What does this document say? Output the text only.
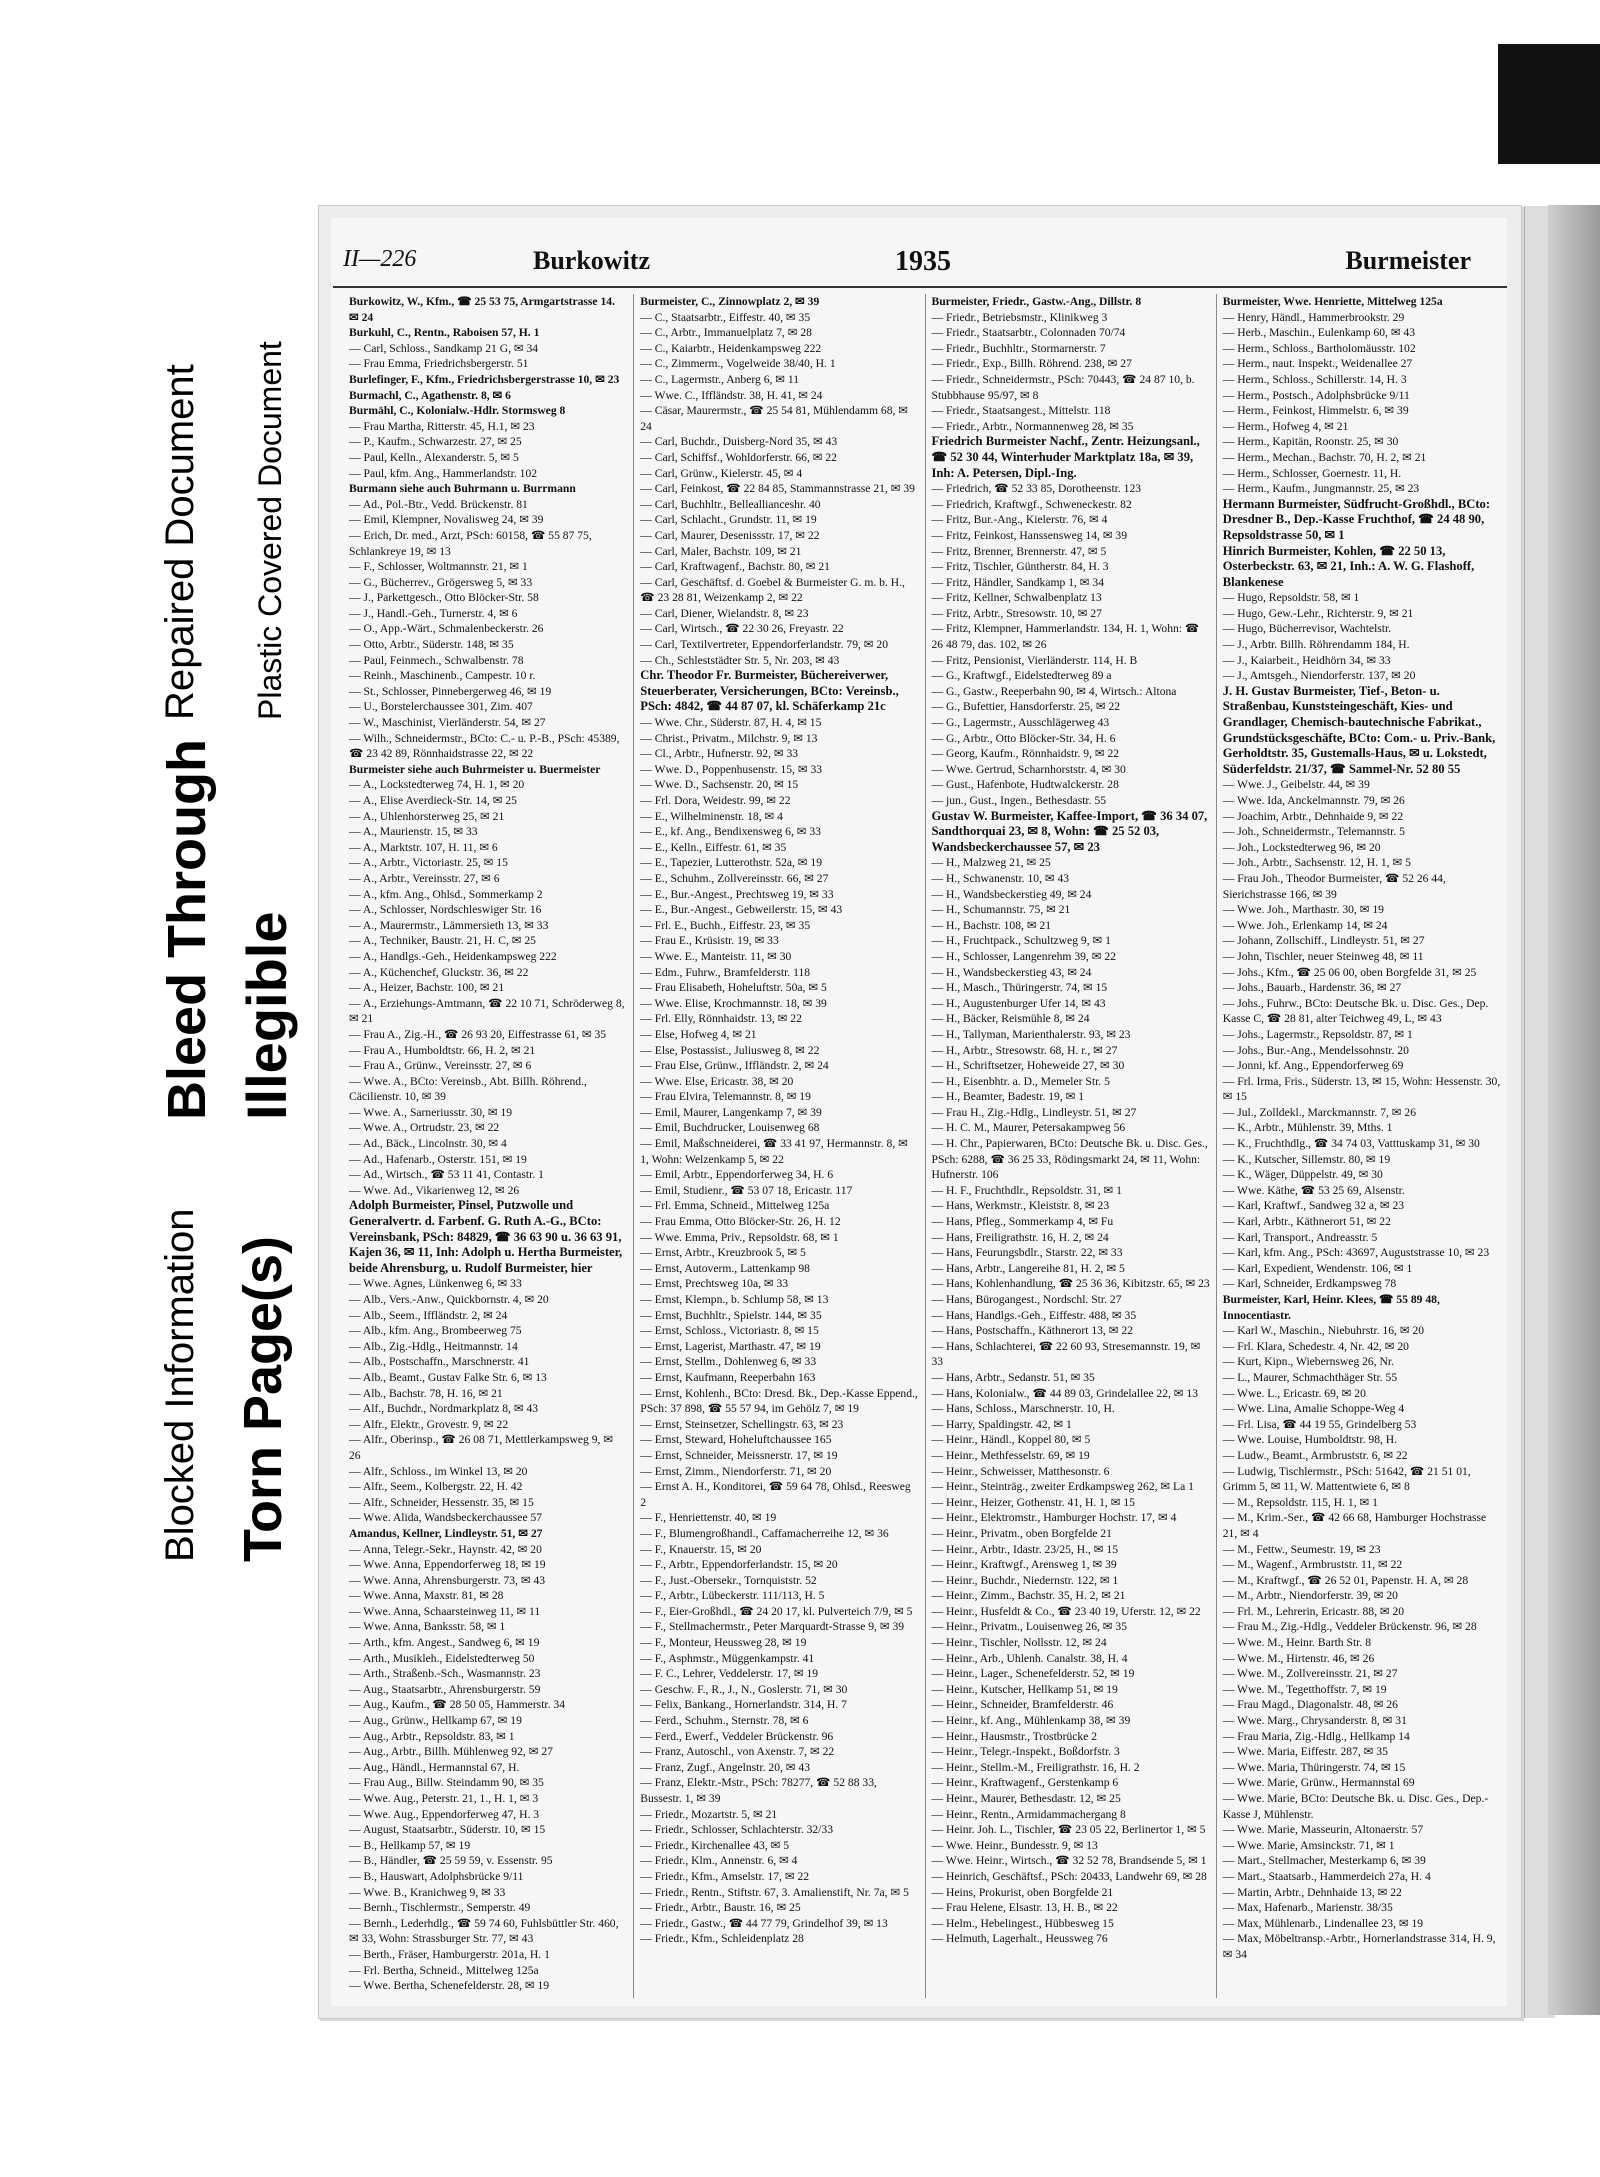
Blocked Information Torn Page(s)
Bleed Through Illegible
Repaired Document Plastic Covered Document
II—226	Burkowitz	1935	Burmeister
Burkowitz, W., Kfm., ☎ 25 53 75, Armgartstrasse 14. ✉ 24
Burkuhl, C., Rentn., Raboisen 57, H. 1
— Carl, Schloss., Sandkamp 21 G, ✉ 34
— Frau Emma, Friedrichsbergerstr. 51
Burlefinger, F., Kfm., Friedrichsbergerstrasse 10, ✉ 23
Burmachl, C., Agathenstr. 8, ✉ 6
Burmähl, C., Kolonialw.-Hdlr. Stormsweg 8
— Frau Martha, Ritterstr. 45, H.1, ✉ 23
— P., Kaufm., Schwarzestr. 27, ✉ 25
— Paul, Kelln., Alexanderstr. 5, ✉ 5
— Paul, kfm. Ang., Hammerlandstr. 102
Burmann siehe auch Buhrmann u. Burrmann
— Ad., Pol.-Btr., Vedd. Brückenstr. 81
— Emil, Klempner, Novalisweg 24, ✉ 39
— Erich, Dr. med., Arzt, PSch: 60158, ☎ 55 87 75, Schlankreye 19, ✉ 13
— F., Schlosser, Woltmannstr. 21, ✉ 1
— G., Bücherrev., Grögersweg 5, ✉ 33
— J., Parkettgesch., Otto Blöcker-Str. 58
— J., Handl.-Geh., Turnerstr. 4, ✉ 6
— O., App.-Wärt., Schmalenbeckerstr. 26
— Otto, Arbtr., Süderstr. 148, ✉ 35
— Paul, Feinmech., Schwalbenstr. 78
— Reinh., Maschinenb., Campestr. 10 r.
— St., Schlosser, Pinnebergerweg 46, ✉ 19
— U., Borstelerchaussee 301, Zim. 407
— W., Maschinist, Vierländerstr. 54, ✉ 27
— Wilh., Schneidermstr., BCto: C.- u. P.-B., PSch: 45389, ☎ 23 42 89, Rönnhaidstrasse 22, ✉ 22
Burmeister siehe auch Buhrmeister u. Buermeister
— A., Lockstedterweg 74, H. 1, ✉ 20
— A., Elise Averdieck-Str. 14, ✉ 25
— A., Uhlenhorsterweg 25, ✉ 21
— A., Maurienstr. 15, ✉ 33
— A., Marktstr. 107, H. 11, ✉ 6
— A., Arbtr., Victoriastr. 25, ✉ 15
— A., Arbtr., Vereinsstr. 27, ✉ 6
— A., kfm. Ang., Ohlsd., Sommerkamp 2
— A., Schlosser, Nordschleswiger Str. 16
— A., Maurermstr., Lämmersieth 13, ✉ 33
— A., Techniker, Baustr. 21, H. C, ✉ 25
— A., Handlgs.-Geh., Heidenkampsweg 222
— A., Küchenchef, Gluckstr. 36, ✉ 22
— A., Heizer, Bachstr. 100, ✉ 21
— A., Erziehungs-Amtmann, ☎ 22 10 71, Schröderweg 8, ✉ 21
— Frau A., Zig.-H., ☎ 26 93 20, Eiffestrasse 61, ✉ 35
— Frau A., Humboldtstr. 66, H. 2, ✉ 21
— Frau A., Grünw., Vereinsstr. 27, ✉ 6
— Wwe. A., BCto: Vereinsb., Abt. Billh. Röhrend., Cäcilienstr. 10, ✉ 39
— Wwe. A., Sarneriusstr. 30, ✉ 19
— Wwe. A., Ortrudstr. 23, ✉ 22
— Ad., Bäck., Lincolnstr. 30, ✉ 4
— Ad., Hafenarb., Osterstr. 151, ✉ 19
— Ad., Wirtsch., ☎ 53 11 41, Contastr. 1
— Wwe. Ad., Vikarienweg 12, ✉ 26
Adolph Burmeister, Pinsel, Putzwolle und Generalvertr. d. Farbenf. G. Ruth A.-G., BCto: Vereinsbank, PSch: 84829, ☎ 36 63 90 u. 36 63 91, Kajen 36, ✉ 11, Inh: Adolph u. Hertha Burmeister, beide Ahrensburg, u. Rudolf Burmeister, hier
— Wwe. Agnes, Lünkenweg 6, ✉ 33
— Alb., Vers.-Anw., Quickbornstr. 4, ✉ 20
— Alb., Seem., Iffländstr. 2, ✉ 24
— Alb., kfm. Ang., Brombeerweg 75
— Alb., Zig.-Hdlg., Heitmannstr. 14
— Alb., Postschaffn., Marschnerstr. 41
— Alb., Beamt., Gustav Falke Str. 6, ✉ 13
— Alb., Bachstr. 78, H. 16, ✉ 21
— Alf., Buchdr., Nordmarkplatz 8, ✉ 43
— Alfr., Elektr., Grovestr. 9, ✉ 22
— Alfr., Oberinsp., ☎ 26 08 71, Mettlerkampsweg 9, ✉ 26
— Alfr., Schloss., im Winkel 13, ✉ 20
— Alfr., Seem., Kolbergstr. 22, H. 42
— Alfr., Schneider, Hessenstr. 35, ✉ 15
— Wwe. Alida, Wandsbeckerchaussee 57
Amandus, Kellner, Lindleystr. 51, ✉ 27
— Anna, Telegr.-Sekr., Haynstr. 42, ✉ 20
— Wwe. Anna, Eppendorferweg 18, ✉ 19
— Wwe. Anna, Ahrensburgerstr. 73, ✉ 43
— Wwe. Anna, Maxstr. 81, ✉ 28
— Wwe. Anna, Schaarsteinweg 11, ✉ 11
— Wwe. Anna, Banksstr. 58, ✉ 1
— Arth., kfm. Angest., Sandweg 6, ✉ 19
— Arth., Musikleh., Eidelstedterweg 50
— Arth., Straßenb.-Sch., Wasmannstr. 23
— Aug., Staatsarbtr., Ahrensburgerstr. 59
— Aug., Kaufm., ☎ 28 50 05, Hammerstr. 34
— Aug., Grünw., Hellkamp 67, ✉ 19
— Aug., Arbtr., Repsoldstr. 83, ✉ 1
— Aug., Arbtr., Billh. Mühlenweg 92, ✉ 27
— Aug., Händl., Hermannstal 67, H.
— Frau Aug., Billw. Steindamm 90, ✉ 35
— Wwe. Aug., Peterstr. 21, 1., H. 1, ✉ 3
— Wwe. Aug., Eppendorferweg 47, H. 3
— August, Staatsarbtr., Süderstr. 10, ✉ 15
— B., Hellkamp 57, ✉ 19
— B., Händler, ☎ 25 59 59, v. Essenstr. 95
— B., Hauswart, Adolphsbrücke 9/11
— Wwe. B., Kranichweg 9, ✉ 33
— Bernh., Tischlermstr., Semperstr. 49
— Bernh., Lederhdlg., ☎ 59 74 60, Fuhlsbüttler Str. 460, ✉ 33, Wohn: Strassburger Str. 77, ✉ 43
— Berth., Fräser, Hamburgerstr. 201a, H. 1
— Frl. Bertha, Schneid., Mittelweg 125a
— Wwe. Bertha, Schenefelderstr. 28, ✉ 19
Burmeister, C., Zinnowplatz 2, ✉ 39
— C., Staatsarbtr., Eiffestr. 40, ✉ 35
— C., Arbtr., Immanuelplatz 7, ✉ 28
— C., Kaiarbtr., Heidenkampsweg 222
— C., Zimmerm., Vogelweide 38/40, H. 1
— C., Lagermstr., Anberg 6, ✉ 11
— Wwe. C., Iffländstr. 38, H. 41, ✉ 24
— Cäsar, Maurermstr., ☎ 25 54 81, Mühlendamm 68, ✉ 24
— Carl, Buchdr., Duisberg-Nord 35, ✉ 43
— Carl, Schiffsf., Wohldorferstr. 66, ✉ 22
— Carl, Grünw., Kielerstr. 45, ✉ 4
— Carl, Feinkost, ☎ 22 84 85, Stammannstrasse 21, ✉ 39
— Carl, Buchhltr., Belleallianceshr. 40
— Carl, Schlacht., Grundstr. 11, ✉ 19
— Carl, Maurer, Desenissstr. 17, ✉ 22
— Carl, Maler, Bachstr. 109, ✉ 21
— Carl, Kraftwagenf., Bachstr. 80, ✉ 21
— Carl, Geschäftsf. d. Goebel & Burmeister G. m. b. H., ☎ 23 28 81, Weizenkamp 2, ✉ 22
— Carl, Diener, Wielandstr. 8, ✉ 23
— Carl, Wirtsch., ☎ 22 30 26, Freyastr. 22
— Carl, Textilvertreter, Eppendorferlandstr. 79, ✉ 20
— Ch., Schleststädter Str. 5, Nr. 203, ✉ 43
Chr. Theodor Fr. Burmeister, Büchereiverwer, Steuerberater, Versicherungen, BCto: Vereinsb., PSch: 4842, ☎ 44 87 07, kl. Schäferkamp 21c
— Wwe. Chr., Süderstr. 87, H. 4, ✉ 15
— Christ., Privatm., Milchstr. 9, ✉ 13
— Cl., Arbtr., Hufnerstr. 92, ✉ 33
— Wwe. D., Poppenhusenstr. 15, ✉ 33
— Wwe. D., Sachsenstr. 20, ✉ 15
— Frl. Dora, Weidestr. 99, ✉ 22
— E., Wilhelminenstr. 18, ✉ 4
— E., kf. Ang., Bendixensweg 6, ✉ 33
— E., Kelln., Eiffestr. 61, ✉ 35
— E., Tapezier, Lutterothstr. 52a, ✉ 19
— E., Schuhm., Zollvereinsstr. 66, ✉ 27
— E., Bur.-Angest., Prechtsweg 19, ✉ 33
— E., Bur.-Angest., Gebweilerstr. 15, ✉ 43
— Frl. E., Buchh., Eiffestr. 23, ✉ 35
— Frau E., Krüsistr. 19, ✉ 33
— Wwe. E., Manteistr. 11, ✉ 30
— Edm., Fuhrw., Bramfelderstr. 118
— Frau Elisabeth, Hoheluftstr. 50a, ✉ 5
— Wwe. Elise, Krochmannstr. 18, ✉ 39
— Frl. Elly, Rönnhaidstr. 13, ✉ 22
— Else, Hofweg 4, ✉ 21
— Else, Postassist., Juliusweg 8, ✉ 22
— Frau Else, Grünw., Iffländstr. 2, ✉ 24
— Wwe. Else, Ericastr. 38, ✉ 20
— Frau Elvira, Telemannstr. 8, ✉ 19
— Emil, Maurer, Langenkamp 7, ✉ 39
— Emil, Buchdrucker, Louisenweg 68
— Emil, Maßschneiderei, ☎ 33 41 97, Hermannstr. 8, ✉ 1, Wohn: Welzenkamp 5, ✉ 22
— Emil, Arbtr., Eppendorferweg 34, H. 6
— Emil, Studienr., ☎ 53 07 18, Ericastr. 117
— Frl. Emma, Schneid., Mittelweg 125a
— Frau Emma, Otto Blöcker-Str. 26, H. 12
— Wwe. Emma, Priv., Repsoldstr. 68, ✉ 1
— Ernst, Arbtr., Kreuzbrook 5, ✉ 5
— Ernst, Autoverm., Lattenkamp 98
— Ernst, Prechtsweg 10a, ✉ 33
— Ernst, Klempn., b. Schlump 58, ✉ 13
— Ernst, Buchhltr., Spielstr. 144, ✉ 35
— Ernst, Schloss., Victoriastr. 8, ✉ 15
— Ernst, Lagerist, Marthastr. 47, ✉ 19
— Ernst, Stellm., Dohlenweg 6, ✉ 33
— Ernst, Kaufmann, Reeperbahn 163
— Ernst, Kohlenh., BCto: Dresd. Bk., Dep.-Kasse Eppend., PSch: 37 898, ☎ 55 57 94, im Gehölz 7, ✉ 19
— Ernst, Steinsetzer, Schellingstr. 63, ✉ 23
— Ernst, Steward, Hoheluftchaussee 165
— Ernst, Schneider, Meissnerstr. 17, ✉ 19
— Ernst, Zimm., Niendorferstr. 71, ✉ 20
— Ernst A. H., Konditorei, ☎ 59 64 78, Ohlsd., Reesweg 2
— F., Henriettenstr. 40, ✉ 19
— F., Blumengroßhandl., Caffamacherreihe 12, ✉ 36
— F., Knauerstr. 15, ✉ 20
— F., Arbtr., Eppendorferlandstr. 15, ✉ 20
— F., Just.-Obersekr., Tornquiststr. 52
— F., Arbtr., Lübeckerstr. 111/113, H. 5
— F., Eier-Großhdl., ☎ 24 20 17, kl. Pulverteich 7/9, ✉ 5
— F., Stellmachermstr., Peter Marquardt-Strasse 9, ✉ 39
— F., Monteur, Heussweg 28, ✉ 19
— F., Asphmstr., Müggenkampstr. 41
— F. C., Lehrer, Veddelerstr. 17, ✉ 19
— Geschw. F., R., J., N., Goslerstr. 71, ✉ 30
— Felix, Bankang., Hornerlandstr. 314, H. 7
— Ferd., Schuhm., Sternstr. 78, ✉ 6
— Ferd., Ewerf., Veddeler Brückenstr. 96
— Franz, Autoschl., von Axenstr. 7, ✉ 22
— Franz, Zugf., Angelnstr. 20, ✉ 43
— Franz, Elektr.-Mstr., PSch: 78277, ☎ 52 88 33, Bussestr. 1, ✉ 39
— Friedr., Mozartstr. 5, ✉ 21
— Friedr., Schlosser, Schlachterstr. 32/33
— Friedr., Kirchenallee 43, ✉ 5
— Friedr., Klm., Annenstr. 6, ✉ 4
— Friedr., Kfm., Amselstr. 17, ✉ 22
— Friedr., Rentn., Stiftstr. 67, 3. Amalienstift, Nr. 7a, ✉ 5
— Friedr., Arbtr., Baustr. 16, ✉ 25
— Friedr., Gastw., ☎ 44 77 79, Grindelhof 39, ✉ 13
— Friedr., Kfm., Schleidenplatz 28
Burmeister, Friedr., Gastw.-Ang., Dillstr. 8
— Friedr., Betriebsmstr., Klinikweg 3
— Friedr., Staatsarbtr., Colonnaden 70/74
— Friedr., Buchhltr., Stormarnerstr. 7
— Friedr., Exp., Billh. Röhrend. 238, ✉ 27
— Friedr., Schneidermstr., PSch: 70443, ☎ 24 87 10, b. Stubbhause 95/97, ✉ 8
— Friedr., Staatsangest., Mittelstr. 118
— Friedr., Arbtr., Normannenweg 28, ✉ 35
Friedrich Burmeister Nachf., Zentr. Heizungsanl., ☎ 52 30 44, Winterhuder Marktplatz 18a, ✉ 39, Inh: A. Petersen, Dipl.-Ing.
— Friedrich, ☎ 52 33 85, Dorotheenstr. 123
— Friedrich, Kraftwgf., Schweneckestr. 82
— Fritz, Bur.-Ang., Kielerstr. 76, ✉ 4
— Fritz, Feinkost, Hanssensweg 14, ✉ 39
— Fritz, Brenner, Brennerstr. 47, ✉ 5
— Fritz, Tischler, Güntherstr. 84, H. 3
— Fritz, Händler, Sandkamp 1, ✉ 34
— Fritz, Kellner, Schwalbenplatz 13
— Fritz, Arbtr., Stresowstr. 10, ✉ 27
— Fritz, Klempner, Hammerlandstr. 134, H. 1, Wohn: ☎ 26 48 79, das. 102, ✉ 26
— Fritz, Pensionist, Vierländerstr. 114, H. B
— G., Kraftwgf., Eidelstedterweg 89 a
— G., Gastw., Reeperbahn 90, ✉ 4, Wirtsch.: Altona
— G., Bufettier, Hansdorferstr. 25, ✉ 22
— G., Lagermstr., Ausschlägerweg 43
— G., Arbtr., Otto Blöcker-Str. 34, H. 6
— Georg, Kaufm., Rönnhaidstr. 9, ✉ 22
— Wwe. Gertrud, Scharnhorststr. 4, ✉ 30
— Gust., Hafenbote, Hudtwalckerstr. 28
— jun., Gust., Ingen., Bethesdastr. 55
Gustav W. Burmeister, Kaffee-Import, ☎ 36 34 07, Sandthorquai 23, ✉ 8, Wohn: ☎ 25 52 03, Wandsbeckerchaussee 57, ✉ 23
— H., Malzweg 21, ✉ 25
— H., Schwanenstr. 10, ✉ 43
— H., Wandsbeckerstieg 49, ✉ 24
— H., Schumannstr. 75, ✉ 21
— H., Bachstr. 108, ✉ 21
— H., Fruchtpack., Schultzweg 9, ✉ 1
— H., Schlosser, Langenrehm 39, ✉ 22
— H., Wandsbeckerstieg 43, ✉ 24
— H., Masch., Thüringerstr. 74, ✉ 15
— H., Augustenburger Ufer 14, ✉ 43
— H., Bäcker, Reismühle 8, ✉ 24
— H., Tallyman, Marienthalerstr. 93, ✉ 23
— H., Arbtr., Stresowstr. 68, H. r., ✉ 27
— H., Schriftsetzer, Hoheweide 27, ✉ 30
— H., Eisenbhtr. a. D., Memeler Str. 5
— H., Beamter, Badestr. 19, ✉ 1
— Frau H., Zig.-Hdlg., Lindleystr. 51, ✉ 27
— H. C. M., Maurer, Petersakampweg 56
— H. Chr., Papierwaren, BCto: Deutsche Bk. u. Disc. Ges., PSch: 6288, ☎ 36 25 33, Rödingsmarkt 24, ✉ 11, Wohn: Hufnerstr. 106
— H. F., Fruchthdlr., Repsoldstr. 31, ✉ 1
— Hans, Werkmstr., Kleiststr. 8, ✉ 23
— Hans, Pfleg., Sommerkamp 4, ✉ Fu
— Hans, Freiligrathstr. 16, H. 2, ✉ 24
— Hans, Feurungsbdlr., Starstr. 22, ✉ 33
— Hans, Arbtr., Langereihe 81, H. 2, ✉ 5
— Hans, Kohlenhandlung, ☎ 25 36 36, Kibitzstr. 65, ✉ 23
— Hans, Bürogangest., Nordschl. Str. 27
— Hans, Handlgs.-Geh., Eiffestr. 488, ✉ 35
— Hans, Postschaffn., Käthnerort 13, ✉ 22
— Hans, Schlachterei, ☎ 22 60 93, Stresemannstr. 19, ✉ 33
— Hans, Arbtr., Sedanstr. 51, ✉ 35
— Hans, Kolonialw., ☎ 44 89 03, Grindelallee 22, ✉ 13
— Hans, Schloss., Marschnerstr. 10, H.
— Harry, Spaldingstr. 42, ✉ 1
— Heinr., Händl., Koppel 80, ✉ 5
— Heinr., Methfesselstr. 69, ✉ 19
— Heinr., Schweisser, Matthesonstr. 6
— Heinr., Steinträg., zweiter Erdkampsweg 262, ✉ La 1
— Heinr., Heizer, Gothenstr. 41, H. 1, ✉ 15
— Heinr., Elektromstr., Hamburger Hochstr. 17, ✉ 4
— Heinr., Privatm., oben Borgfelde 21
— Heinr., Arbtr., Idastr. 23/25, H., ✉ 15
— Heinr., Kraftwgf., Arensweg 1, ✉ 39
— Heinr., Buchdr., Niedernstr. 122, ✉ 1
— Heinr., Zimm., Bachstr. 35, H. 2, ✉ 21
— Heinr., Husfeldt & Co., ☎ 23 40 19, Uferstr. 12, ✉ 22
— Heinr., Privatm., Louisenweg 26, ✉ 35
— Heinr., Tischler, Nollsstr. 12, ✉ 24
— Heinr., Arb., Uhlenh. Canalstr. 38, H. 4
— Heinr., Lager., Schenefelderstr. 52, ✉ 19
— Heinr., Kutscher, Hellkamp 51, ✉ 19
— Heinr., Schneider, Bramfelderstr. 46
— Heinr., kf. Ang., Mühlenkamp 38, ✉ 39
— Heinr., Hausmstr., Trostbrücke 2
— Heinr., Telegr.-Inspekt., Boßdorfstr. 3
— Heinr., Stellm.-M., Freiligrathstr. 16, H. 2
— Heinr., Kraftwagenf., Gerstenkamp 6
— Heinr., Maurer, Bethesdastr. 12, ✉ 25
— Heinr., Rentn., Armidammachergang 8
— Heinr. Joh. L., Tischler, ☎ 23 05 22, Berlinertor 1, ✉ 5
— Wwe. Heinr., Bundesstr. 9, ✉ 13
— Wwe. Heinr., Wirtsch., ☎ 32 52 78, Brandsende 5, ✉ 1
— Heinrich, Geschäftsf., PSch: 20433, Landwehr 69, ✉ 28
— Heins, Prokurist, oben Borgfelde 21
— Frau Helene, Elsastr. 13, H. B., ✉ 22
— Helm., Hebelingest., Hübbesweg 15
— Helmuth, Lagerhalt., Heussweg 76
Burmeister, Wwe. Henriette, Mittelweg 125a
— Henry, Händl., Hammerbrookstr. 29
— Herb., Maschin., Eulenkamp 60, ✉ 43
— Herm., Schloss., Bartholomäusstr. 102
— Herm., naut. Inspekt., Weidenallee 27
— Herm., Schloss., Schillerstr. 14, H. 3
— Herm., Postsch., Adolphsbrücke 9/11
— Herm., Feinkost, Himmelstr. 6, ✉ 39
— Herm., Hofweg 4, ✉ 21
— Herm., Kapitän, Roonstr. 25, ✉ 30
— Herm., Mechan., Bachstr. 70, H. 2, ✉ 21
— Herm., Schlosser, Goernestr. 11, H.
— Herm., Kaufm., Jungmannstr. 25, ✉ 23
Hermann Burmeister, Südfrucht-Großhdl., BCto: Dresdner B., Dep.-Kasse Fruchthof, ☎ 24 48 90, Repsoldstrasse 50, ✉ 1
Hinrich Burmeister, Kohlen, ☎ 22 50 13, Osterbeckstr. 63, ✉ 21, Inh.: A. W. G. Flashoff, Blankenese
— Hugo, Repsoldstr. 58, ✉ 1
— Hugo, Gew.-Lehr., Richterstr. 9, ✉ 21
— Hugo, Bücherrevisor, Wachtelstr.
— J., Arbtr. Billh. Röhrendamm 184, H.
— J., Kaiarbeit., Heidhörn 34, ✉ 33
— J., Amtsgeh., Niendorferstr. 137, ✉ 20
J. H. Gustav Burmeister, Tief-, Beton- u. Straßenbau, Kunststeingeschäft, Kies- und Grandlager, Chemisch-bautechnische Fabrikat., Grundstücksgeschäfte, BCto: Com.- u. Priv.-Bank, Gerholdtstr. 35, Gustemalls-Haus, ✉ u. Lokstedt, Süderfeldstr. 21/37, ☎ Sammel-Nr. 52 80 55
— Wwe. J., Geibelstr. 44, ✉ 39
— Wwe. Ida, Anckelmannstr. 79, ✉ 26
— Joachim, Arbtr., Dehnhaide 9, ✉ 22
— Joh., Schneidermstr., Telemannstr. 5
— Joh., Lockstedterweg 96, ✉ 20
— Joh., Arbtr., Sachsenstr. 12, H. 1, ✉ 5
— Frau Joh., Theodor Burmeister, ☎ 52 26 44, Sierichstrasse 166, ✉ 39
— Wwe. Joh., Marthastr. 30, ✉ 19
— Wwe. Joh., Erlenkamp 14, ✉ 24
— Johann, Zollschiff., Lindleystr. 51, ✉ 27
— John, Tischler, neuer Steinweg 48, ✉ 11
— Johs., Kfm., ☎ 25 06 00, oben Borgfelde 31, ✉ 25
— Johs., Bauarb., Hardenstr. 36, ✉ 27
— Johs., Fuhrw., BCto: Deutsche Bk. u. Disc. Ges., Dep. Kasse C, ☎ 28 81, alter Teichweg 49, L, ✉ 43
— Johs., Lagermstr., Repsoldstr. 87, ✉ 1
— Johs., Bur.-Ang., Mendelssohnstr. 20
— Jonni, kf. Ang., Eppendorferweg 69
— Frl. Irma, Fris., Süderstr. 13, ✉ 15, Wohn: Hessenstr. 30, ✉ 15
— Jul., Zolldekl., Marckmannstr. 7, ✉ 26
— K., Arbtr., Mühlenstr. 39, Mths. 1
— K., Fruchthdlg., ☎ 34 74 03, Vatttuskamp 31, ✉ 30
— K., Kutscher, Sillemstr. 80, ✉ 19
— K., Wäger, Düppelstr. 49, ✉ 30
— Wwe. Käthe, ☎ 53 25 69, Alsenstr.
— Karl, Kraftwf., Sandweg 32 a, ✉ 23
— Karl, Arbtr., Käthnerort 51, ✉ 22
— Karl, Transport., Andreasstr. 5
— Karl, kfm. Ang., PSch: 43697, Auguststrasse 10, ✉ 23
— Karl, Expedient, Wendenstr. 106, ✉ 1
— Karl, Schneider, Erdkampsweg 78
Burmeister, Karl, Heinr. Klees, ☎ 55 89 48, Innocentiastr.
— Karl W., Maschin., Niebuhrstr. 16, ✉ 20
— Frl. Klara, Schedestr. 4, Nr. 42, ✉ 20
— Kurt, Kipn., Wiebernsweg 26, Nr.
— L., Maurer, Schmachthäger Str. 55
— Wwe. L., Ericastr. 69, ✉ 20
— Wwe. Lina, Amalie Schoppe-Weg 4
— Frl. Lisa, ☎ 44 19 55, Grindelberg 53
— Wwe. Louise, Humboldtstr. 98, H.
— Ludw., Beamt., Armbruststr. 6, ✉ 22
— Ludwig, Tischlermstr., PSch: 51642, ☎ 21 51 01, Grimm 5, ✉ 11, W. Mattentwiete 6, ✉ 8
— M., Repsoldstr. 115, H. 1, ✉ 1
— M., Krim.-Ser., ☎ 42 66 68, Hamburger Hochstrasse 21, ✉ 4
— M., Fettw., Seumestr. 19, ✉ 23
— M., Wagenf., Armbruststr. 11, ✉ 22
— M., Kraftwgf., ☎ 26 52 01, Papenstr. H. A, ✉ 28
— M., Arbtr., Niendorferstr. 39, ✉ 20
— Frl. M., Lehrerin, Ericastr. 88, ✉ 20
— Frau M., Zig.-Hdlg., Veddeler Brückenstr. 96, ✉ 28
— Wwe. M., Heinr. Barth Str. 8
— Wwe. M., Hirtenstr. 46, ✉ 26
— Wwe. M., Zollvereinsstr. 21, ✉ 27
— Wwe. M., Tegetthoffstr. 7, ✉ 19
— Frau Magd., Diagonalstr. 48, ✉ 26
— Wwe. Marg., Chrysanderstr. 8, ✉ 31
— Frau Maria, Zig.-Hdlg., Hellkamp 14
— Wwe. Maria, Eiffestr. 287, ✉ 35
— Wwe. Maria, Thüringerstr. 74, ✉ 15
— Wwe. Marie, Grünw., Hermannstal 69
— Wwe. Marie, BCto: Deutsche Bk. u. Disc. Ges., Dep.-Kasse J, Mühlenstr.
— Wwe. Marie, Masseurin, Altonaerstr. 57
— Wwe. Marie, Amsinckstr. 71, ✉ 1
— Mart., Stellmacher, Mesterkamp 6, ✉ 39
— Mart., Staatsarb., Hammerdeich 27a, H. 4
— Martin, Arbtr., Dehnhaide 13, ✉ 22
— Max, Hafenarb., Marienstr. 38/35
— Max, Mühlenarb., Lindenallee 23, ✉ 19
— Max, Möbeltransp.-Arbtr., Hornerlandstrasse 314, H. 9, ✉ 34
